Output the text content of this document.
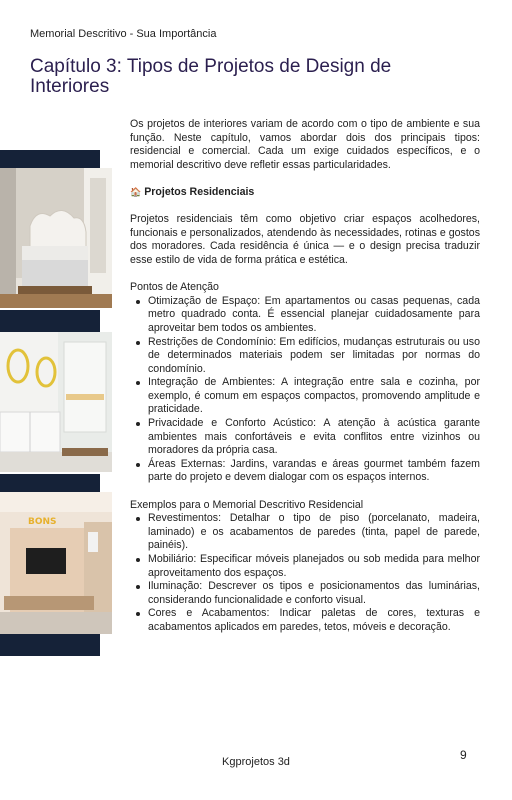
Memorial Descritivo - Sua Importância
Capítulo 3: Tipos de Projetos de Design de Interiores
BONS

Os projetos de interiores variam de acordo com o tipo de ambiente e sua função. Neste capítulo, vamos abordar dois dos principais tipos: residencial e comercial. Cada um exige cuidados específicos, e o memorial descritivo deve refletir essas particularidades.

🏠 Projetos Residenciais

Projetos residenciais têm como objetivo criar espaços acolhedores, funcionais e personalizados, atendendo às necessidades, rotinas e gostos dos moradores. Cada residência é única — e o design precisa traduzir esse estilo de vida de forma prática e estética.

Pontos de Atenção

Otimização de Espaço: Em apartamentos ou casas pequenas, cada metro quadrado conta. É essencial planejar cuidadosamente para aproveitar bem todos os ambientes.
Restrições de Condomínio: Em edifícios, mudanças estruturais ou uso de determinados materiais podem ser limitadas por normas do condomínio.
Integração de Ambientes: A integração entre sala e cozinha, por exemplo, é comum em espaços compactos, promovendo amplitude e praticidade.
Privacidade e Conforto Acústico: A atenção à acústica garante ambientes mais confortáveis e evita conflitos entre vizinhos ou moradores da própria casa.
Áreas Externas: Jardins, varandas e áreas gourmet também fazem parte do projeto e devem dialogar com os espaços internos.

Exemplos para o Memorial Descritivo Residencial

Revestimentos: Detalhar o tipo de piso (porcelanato, madeira, laminado) e os acabamentos de paredes (tinta, papel de parede, painéis).
Mobiliário: Especificar móveis planejados ou sob medida para melhor aproveitamento dos espaços.
Iluminação: Descrever os tipos e posicionamentos das luminárias, considerando funcionalidade e conforto visual.
Cores e Acabamentos: Indicar paletas de cores, texturas e acabamentos aplicados em paredes, tetos, móveis e decoração.
Kgprojetos 3d	9
